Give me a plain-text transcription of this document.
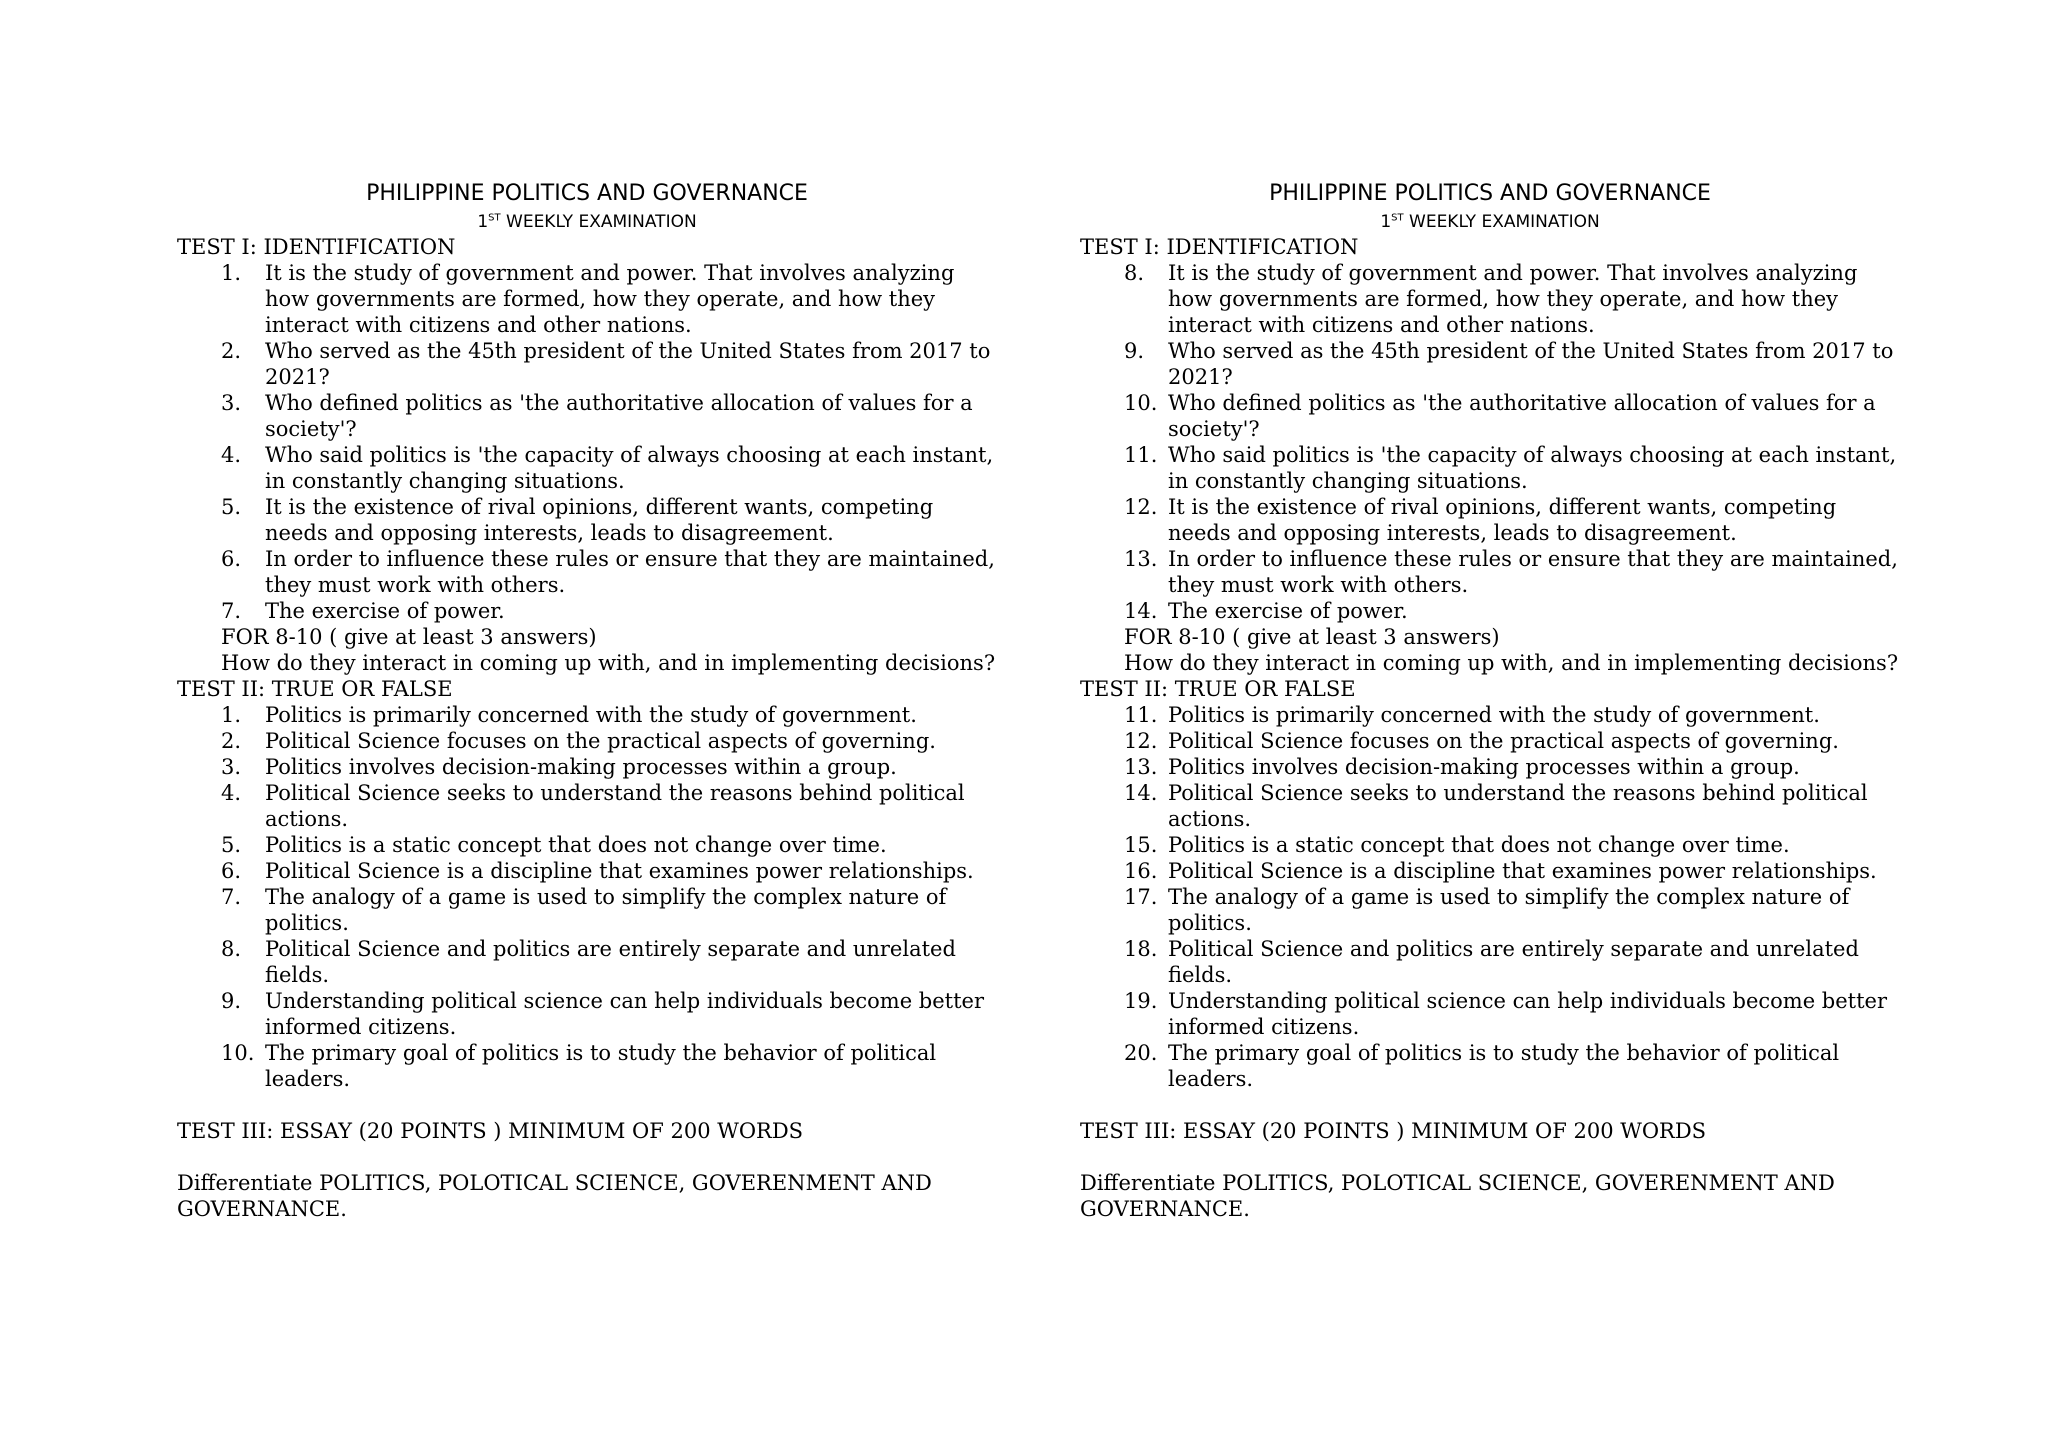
PHILIPPINE POLITICS AND GOVERNANCE
1ST WEEKLY EXAMINATION
TEST I: IDENTIFICATION
1.	It is the study of government and power. That involves analyzing how governments are formed, how they operate, and how they interact with citizens and other nations.
2.	Who served as the 45th president of the United States from 2017 to 2021?
3.	Who defined politics as 'the authoritative allocation of values for a society'?
4.	Who said politics is 'the capacity of always choosing at each instant, in constantly changing situations.
5.	It is the existence of rival opinions, different wants, competing needs and opposing interests, leads to disagreement.
6.	In order to influence these rules or ensure that they are maintained, they must work with others.
7.	The exercise of power.
FOR 8-10 ( give at least 3 answers)
How do they interact in coming up with, and in implementing decisions?
TEST II: TRUE OR FALSE
1.	Politics is primarily concerned with the study of government.
2.	Political Science focuses on the practical aspects of governing.
3.	Politics involves decision-making processes within a group.
4.	Political Science seeks to understand the reasons behind political actions.
5.	Politics is a static concept that does not change over time.
6.	Political Science is a discipline that examines power relationships.
7.	The analogy of a game is used to simplify the complex nature of politics.
8.	Political Science and politics are entirely separate and unrelated fields.
9.	Understanding political science can help individuals become better informed citizens.
10. The primary goal of politics is to study the behavior of political leaders.
TEST III: ESSAY (20 POINTS ) MINIMUM OF 200 WORDS
Differentiate POLITICS, POLOTICAL SCIENCE, GOVERENMENT AND GOVERNANCE.
PHILIPPINE POLITICS AND GOVERNANCE
1ST WEEKLY EXAMINATION
TEST I: IDENTIFICATION
8.	It is the study of government and power. That involves analyzing how governments are formed, how they operate, and how they interact with citizens and other nations.
9.	Who served as the 45th president of the United States from 2017 to 2021?
10. Who defined politics as 'the authoritative allocation of values for a society'?
11. Who said politics is 'the capacity of always choosing at each instant, in constantly changing situations.
12. It is the existence of rival opinions, different wants, competing needs and opposing interests, leads to disagreement.
13. In order to influence these rules or ensure that they are maintained, they must work with others.
14. The exercise of power.
FOR 8-10 ( give at least 3 answers)
How do they interact in coming up with, and in implementing decisions?
TEST II: TRUE OR FALSE
11. Politics is primarily concerned with the study of government.
12. Political Science focuses on the practical aspects of governing.
13. Politics involves decision-making processes within a group.
14. Political Science seeks to understand the reasons behind political actions.
15. Politics is a static concept that does not change over time.
16. Political Science is a discipline that examines power relationships.
17. The analogy of a game is used to simplify the complex nature of politics.
18. Political Science and politics are entirely separate and unrelated fields.
19. Understanding political science can help individuals become better informed citizens.
20. The primary goal of politics is to study the behavior of political leaders.
TEST III: ESSAY (20 POINTS ) MINIMUM OF 200 WORDS
Differentiate POLITICS, POLOTICAL SCIENCE, GOVERENMENT AND GOVERNANCE.
